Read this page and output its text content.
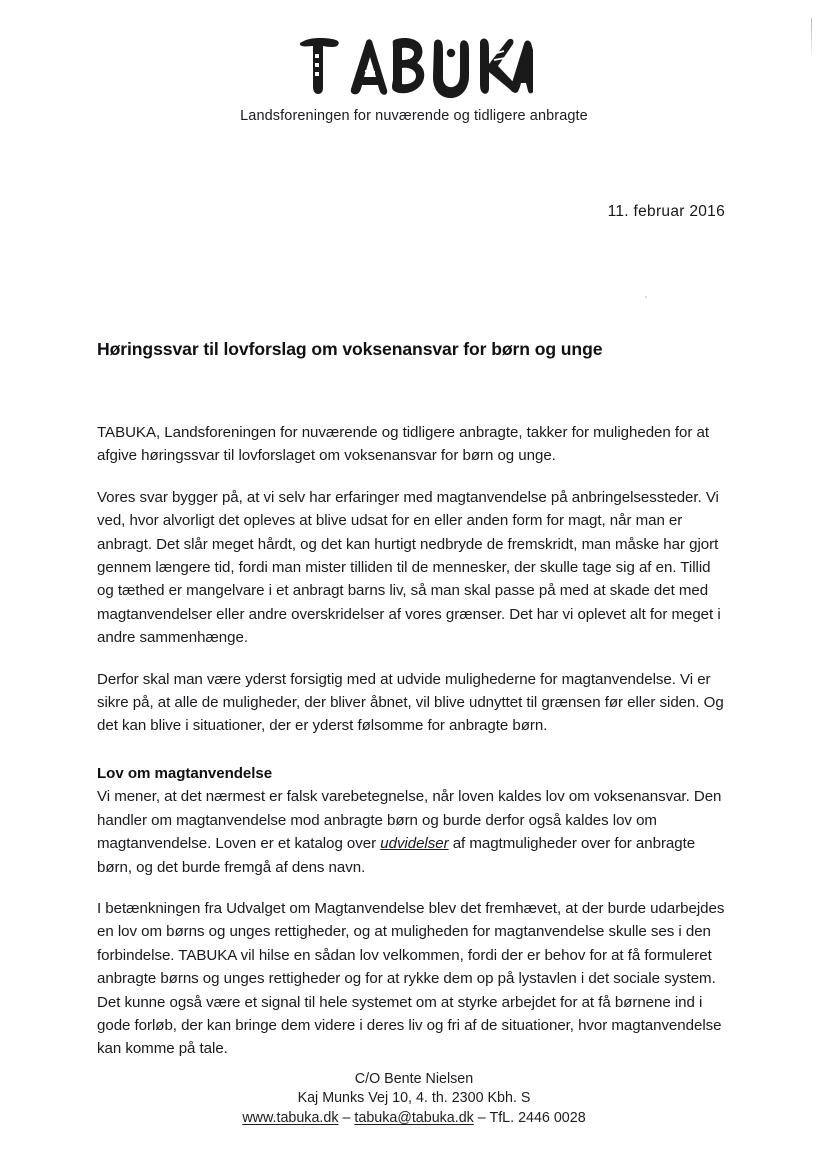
Landsforeningen for nuværende og tidligere anbragte
11. februar 2016
Høringssvar til lovforslag om voksenansvar for børn og unge

TABUKA, Landsforeningen for nuværende og tidligere anbragte, takker for muligheden for at afgive høringssvar til lovforslaget om voksenansvar for børn og unge.

Vores svar bygger på, at vi selv har erfaringer med magtanvendelse på anbringelsessteder. Vi ved, hvor alvorligt det opleves at blive udsat for en eller anden form for magt, når man er anbragt. Det slår meget hårdt, og det kan hurtigt nedbryde de fremskridt, man måske har gjort gennem længere tid, fordi man mister tilliden til de mennesker, der skulle tage sig af en. Tillid og tæthed er mangelvare i et anbragt barns liv, så man skal passe på med at skade det med magtanvendelser eller andre overskridelser af vores grænser. Det har vi oplevet alt for meget i andre sammenhænge.

Derfor skal man være yderst forsigtig med at udvide mulighederne for magtanvendelse. Vi er sikre på, at alle de muligheder, der bliver åbnet, vil blive udnyttet til grænsen før eller siden. Og det kan blive i situationer, der er yderst følsomme for anbragte børn.

Lov om magtanvendelse

Vi mener, at det nærmest er falsk varebetegnelse, når loven kaldes lov om voksenansvar. Den handler om magtanvendelse mod anbragte børn og burde derfor også kaldes lov om magtanvendelse. Loven er et katalog over udvidelser af magtmuligheder over for anbragte børn, og det burde fremgå af dens navn.

I betænkningen fra Udvalget om Magtanvendelse blev det fremhævet, at der burde udarbejdes en lov om børns og unges rettigheder, og at muligheden for magtanvendelse skulle ses i den forbindelse. TABUKA vil hilse en sådan lov velkommen, fordi der er behov for at få formuleret anbragte børns og unges rettigheder og for at rykke dem op på lystavlen i det sociale system. Det kunne også være et signal til hele systemet om at styrke arbejdet for at få børnene ind i gode forløb, der kan bringe dem videre i deres liv og fri af de situationer, hvor magtanvendelse kan komme på tale.

C/O Bente Nielsen
Kaj Munks Vej 10, 4. th. 2300 Kbh. S
www.tabuka.dk – tabuka@tabuka.dk – TfL. 2446 0028
